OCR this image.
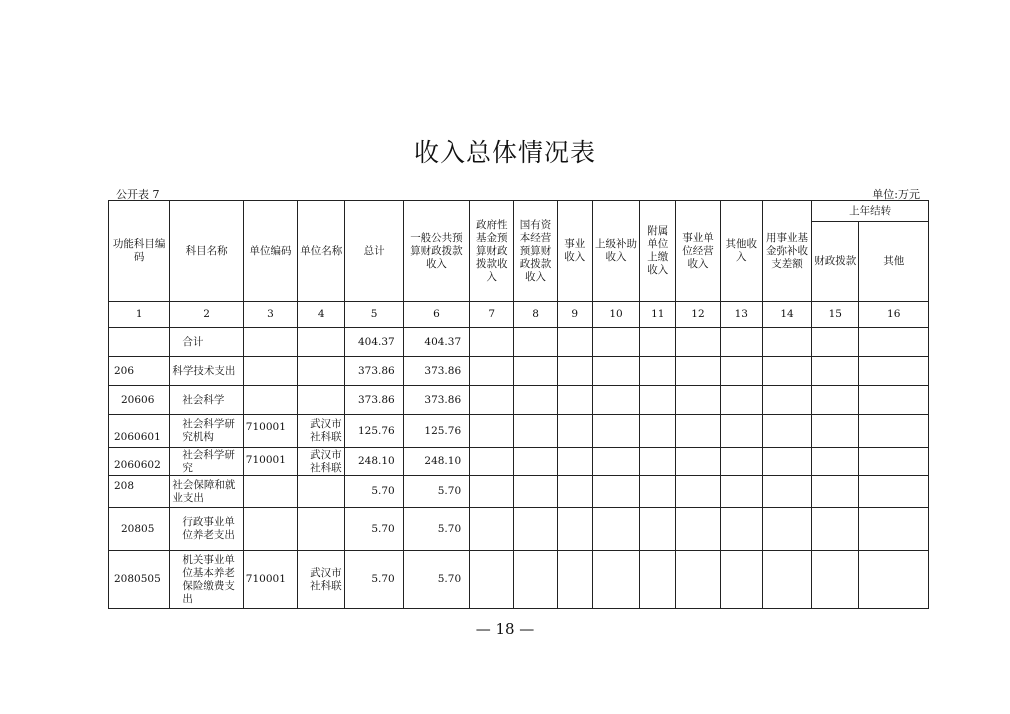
收入总体情况表
公开表 7	单位:万元
功能科目编码	科目名称	单位编码	单位名称	总计	一般公共预算财政拨款收入	政府性基金预算财政拨款收入	国有资本经营预算财政拨款收入	事业收入	上级补助收入	附属单位上缴收入	事业单位经营收入	其他收入	用事业基金弥补收支差额	上年结转	
														财政拨款	其他
1	2	3	4	5	6	7	8	9	10	11	12	13	14	15	16
	合计			404.37	404.37										
206	科学技术支出			373.86	373.86										
20606	社会科学			373.86	373.86										
2060601	社会科学研究机构	710001	武汉市社科联	125.76	125.76										
2060602	社会科学研究	710001	武汉市社科联	248.10	248.10										
208	社会保障和就业支出			5.70	5.70										
20805	行政事业单位养老支出			5.70	5.70										
2080505	机关事业单位基本养老保险缴费支出	710001	武汉市社科联	5.70	5.70										
— 18 —
